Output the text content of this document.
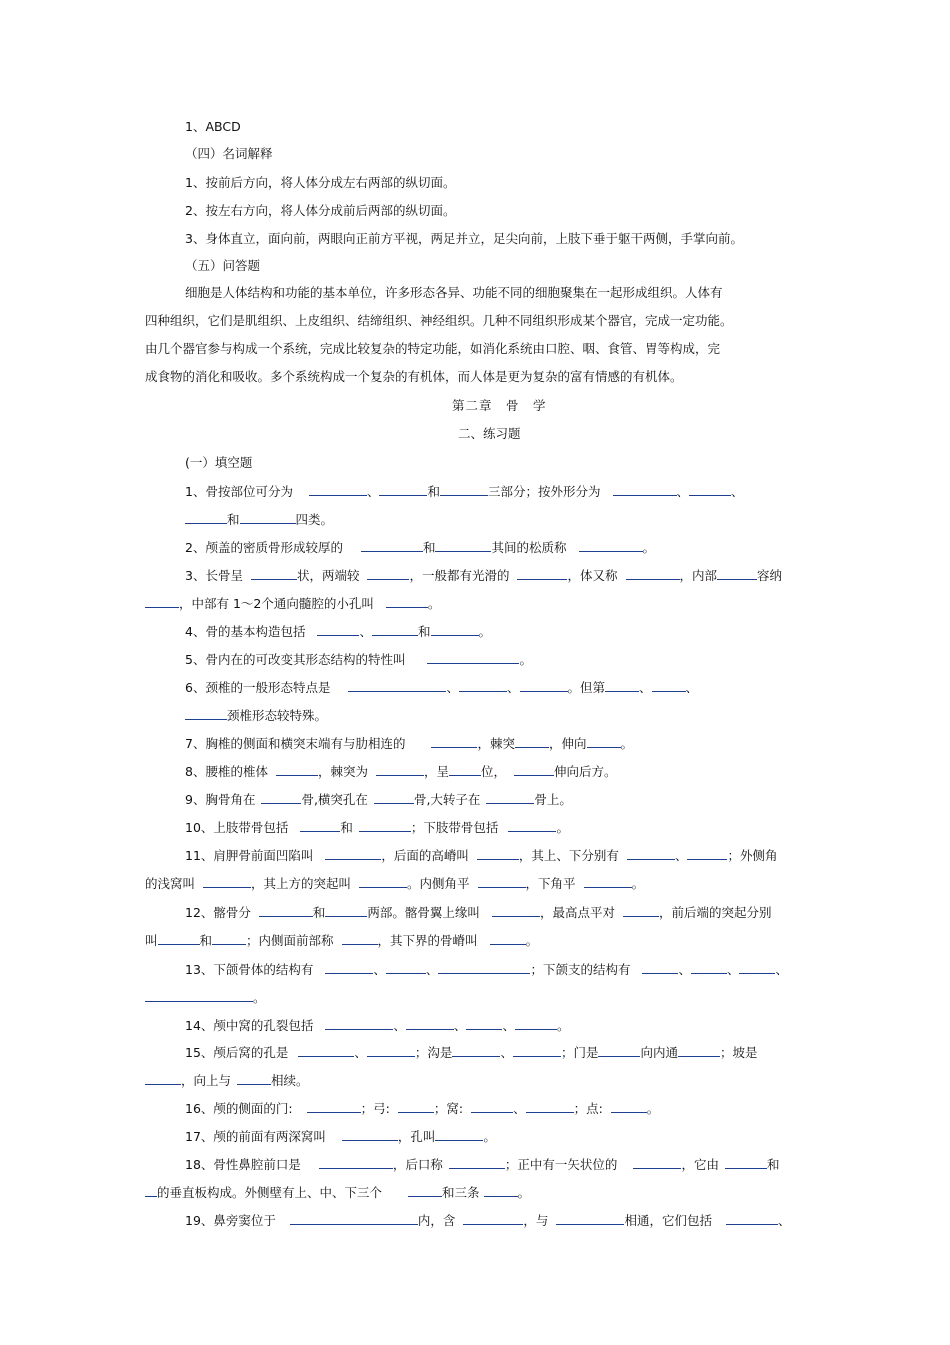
1、ABCD
（四）名词解释
1、按前后方向，将人体分成左右两部的纵切面。
2、按左右方向，将人体分成前后两部的纵切面。
3、身体直立，面向前，两眼向正前方平视，两足并立，足尖向前，上肢下垂于躯干两侧，手掌向前。
（五）问答题
细胞是人体结构和功能的基本单位，许多形态各异、功能不同的细胞聚集在一起形成组织。人体有
四种组织，它们是肌组织、上皮组织、结缔组织、神经组织。几种不同组织形成某个器官，完成一定功能。
由几个器官参与构成一个系统，完成比较复杂的特定功能，如消化系统由口腔、咽、食管、胃等构成，完
成食物的消化和吸收。多个系统构成一个复杂的有机体，而人体是更为复杂的富有情感的有机体。
第二章　骨　学
二、练习题
(一）填空题
1、骨按部位可分为	、	和	三部分；按外形分为	、	、
和	四类。
2、颅盖的密质骨形成较厚的	和	其间的松质称	。
3、长骨呈	状，两端较	，一般都有光滑的	，体又称	，内部	容纳
，中部有 1～2个通向髓腔的小孔叫	。
4、骨的基本构造包括	、	和	。
5、骨内在的可改变其形态结构的特性叫	。
6、颈椎的一般形态特点是	、	、	。但第	、	、
颈椎形态较特殊。
7、胸椎的侧面和横突末端有与肋相连的	，棘突	，伸向	。
8、腰椎的椎体	，棘突为	，呈	位，	伸向后方。
9、胸骨角在	骨,横突孔在	骨,大转子在	骨上。
10、上肢带骨包括	和	；下肢带骨包括	。
11、肩胛骨前面凹陷叫	，后面的高嵴叫	，其上、下分别有	、	；外侧角
的浅窝叫	，其上方的突起叫	。内侧角平	，下角平	。
12、髂骨分	和	两部。髂骨翼上缘叫	，最高点平对	，前后端的突起分别
叫	和	；内侧面前部称	，其下界的骨嵴叫	。
13、下颌骨体的结构有	、	、	；下颌支的结构有	、	、	、
。
14、颅中窝的孔裂包括	、	、	、	。
15、颅后窝的孔是	、	；沟是	、	；门是	向内通	；坡是
，向上与	相续。
16、颅的侧面的门:	；弓:	；窝:	、	；点:	。
17、颅的前面有两深窝叫	，孔叫	。
18、骨性鼻腔前口是	，后口称	；正中有一矢状位的	，它由	和
的垂直板构成。外侧壁有上、中、下三个	和三条	。
19、鼻旁窦位于	内，含	，与	相通，它们包括	、
